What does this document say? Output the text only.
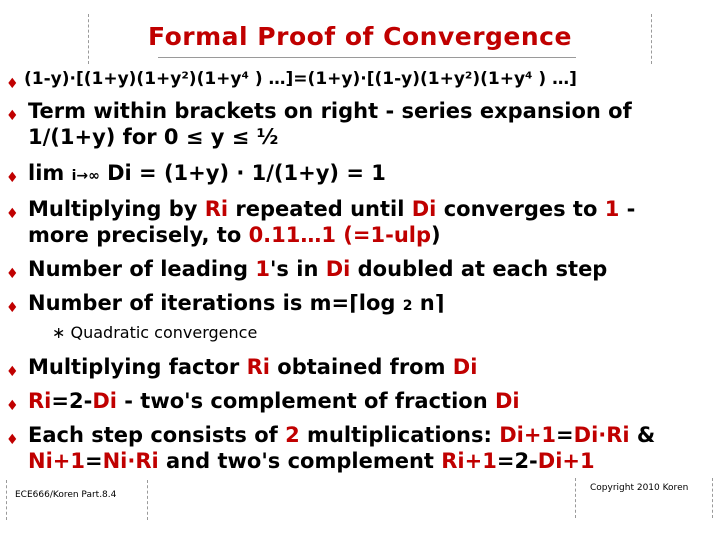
Formal Proof of Convergence
♦ (1-y)·[(1+y)(1+y²)(1+y⁴ ) …]=(1+y)·[(1-y)(1+y²)(1+y⁴ ) …]
♦ Term within brackets on right - series expansion of
1/(1+y) for 0 ≤ y ≤ ½
♦ lim i→∞ Di = (1+y) · 1/(1+y) = 1
♦ Multiplying by Ri repeated until Di converges to 1 -
more precisely, to 0.11…1 (=1-ulp)
♦ Number of leading 1's in Di doubled at each step
♦ Number of iterations is m=⌈log 2 n⌉
∗ Quadratic convergence
♦ Multiplying factor Ri obtained from Di
♦ Ri=2-Di - two's complement of fraction Di
♦ Each step consists of 2 multiplications: Di+1=Di·Ri &
Ni+1=Ni·Ri and two's complement Ri+1=2-Di+1
ECE666/Koren Part.8.4
Copyright 2010 Koren
